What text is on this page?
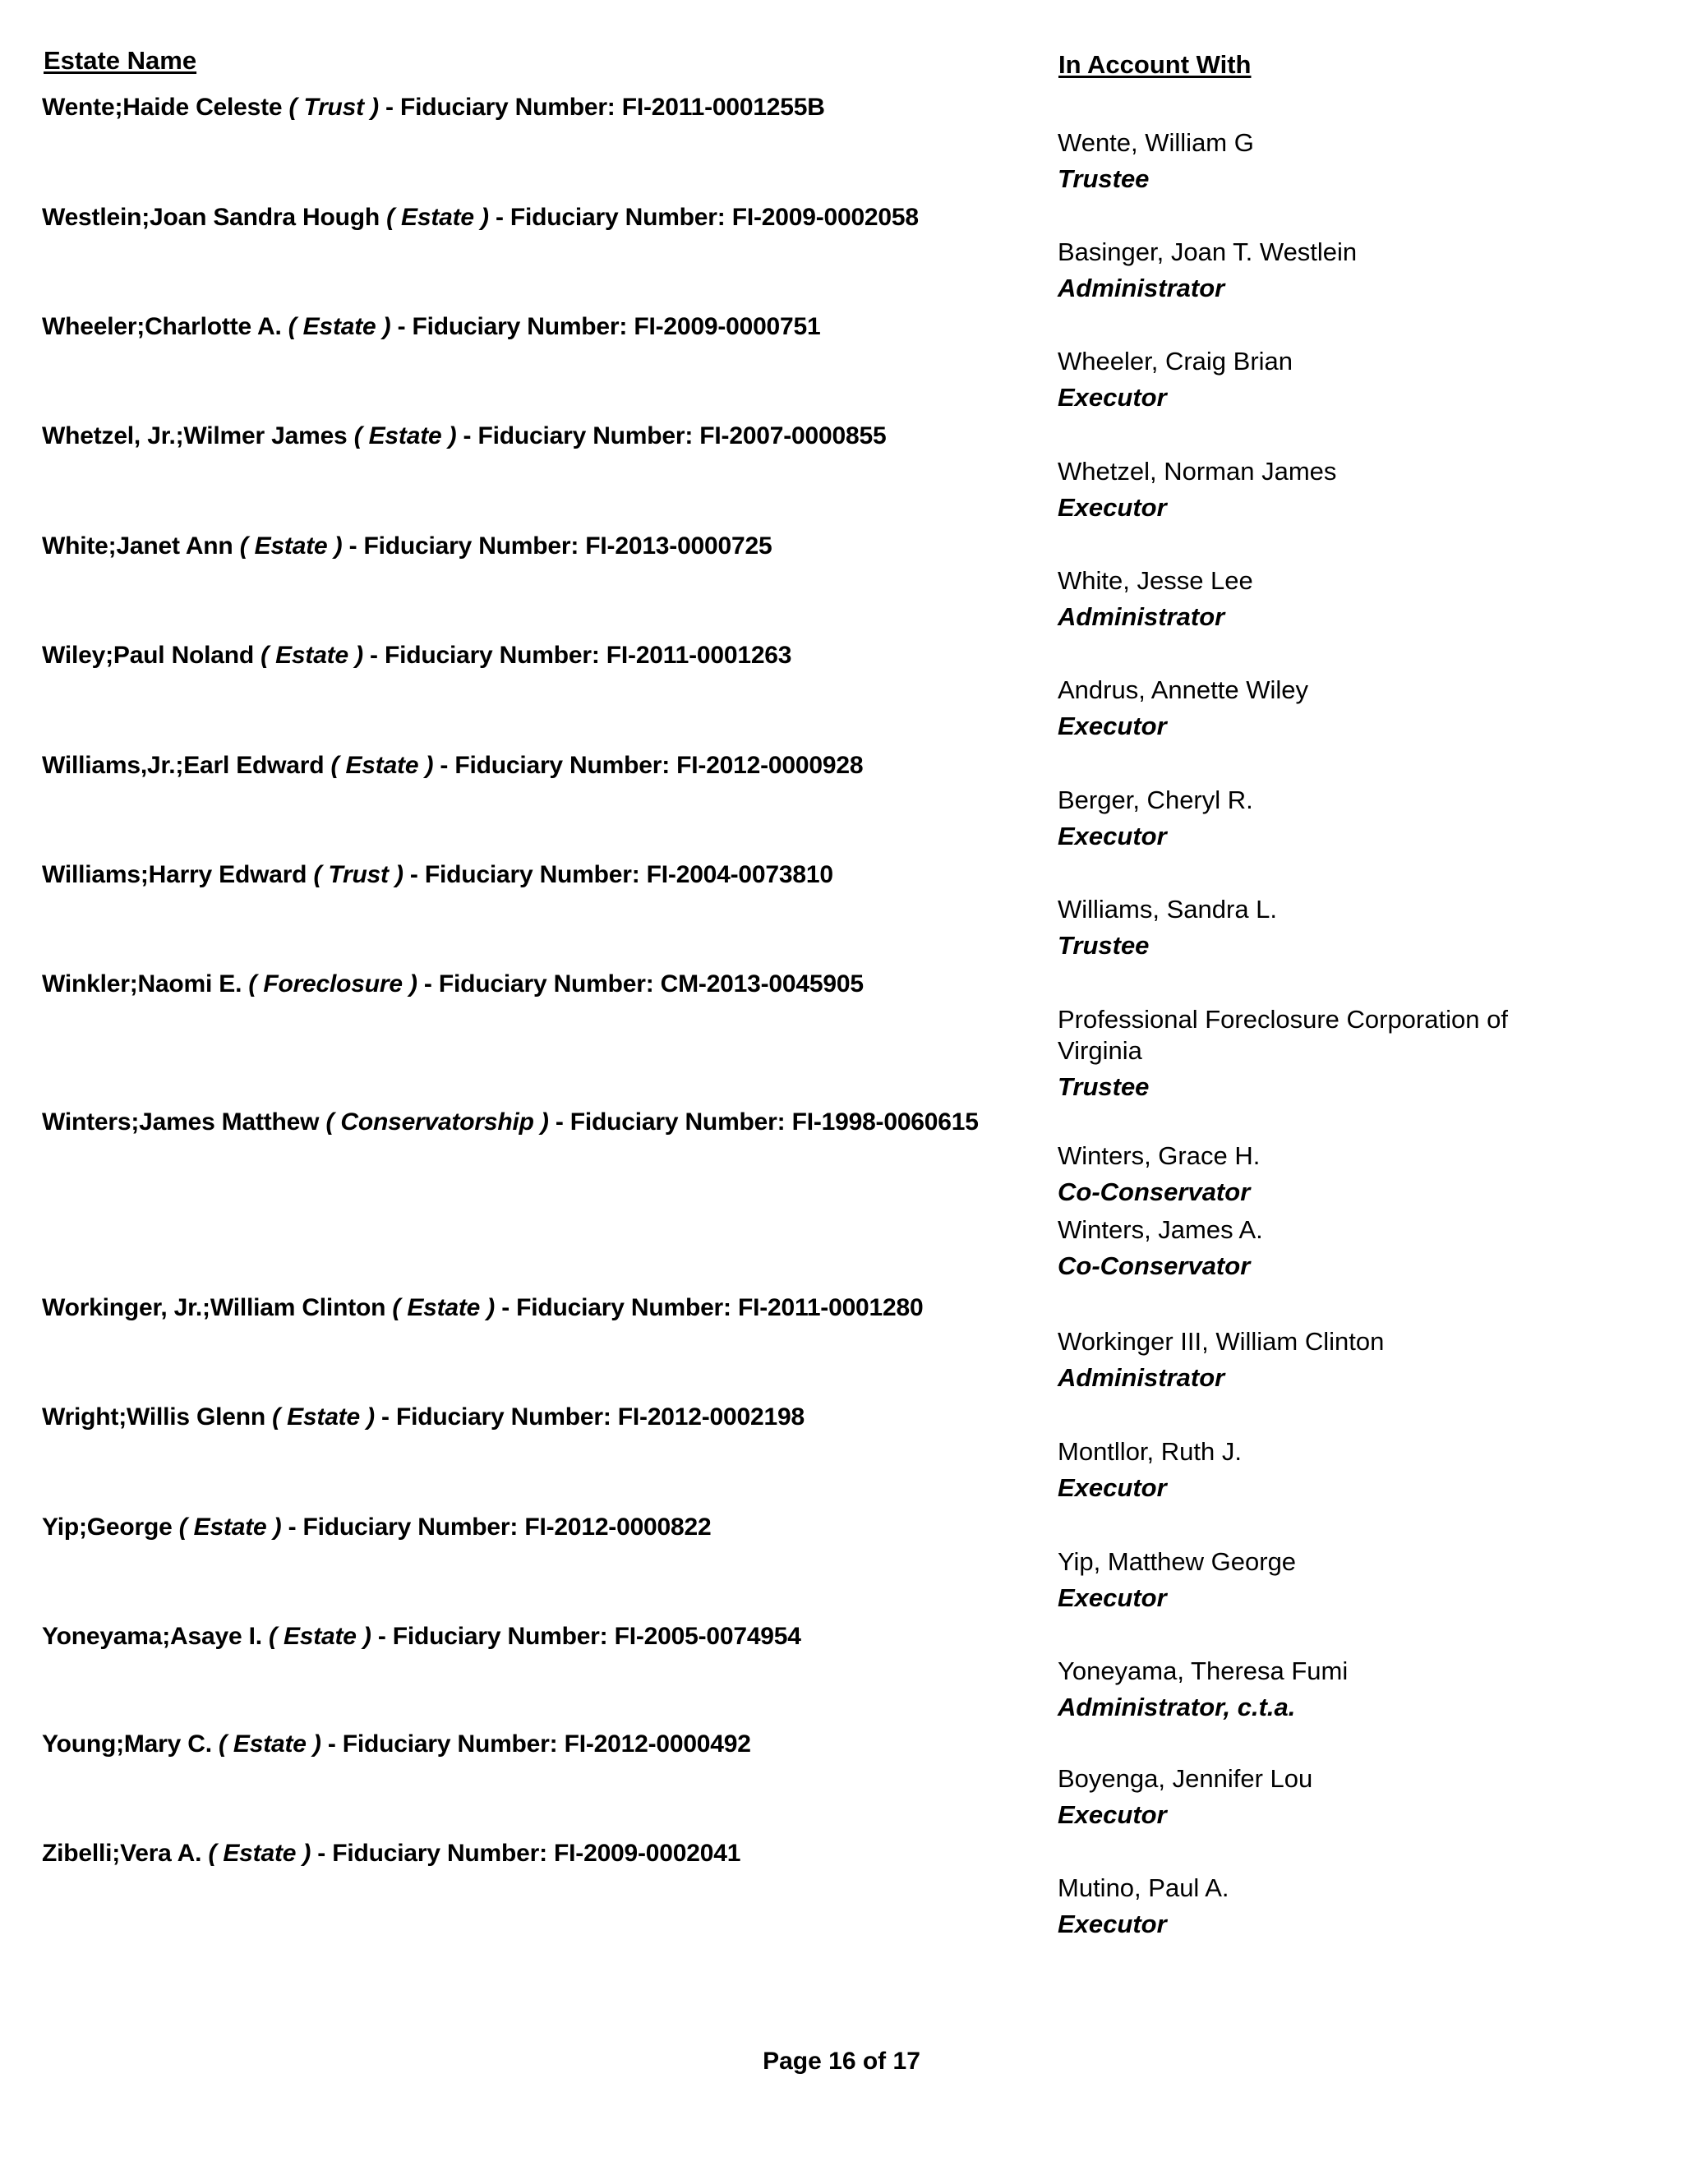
Estate Name	In Account With
Wente;Haide Celeste ( Trust ) - Fiduciary Number: FI-2011-0001255B
Wente, William G
Trustee
Westlein;Joan Sandra Hough ( Estate ) - Fiduciary Number: FI-2009-0002058
Basinger, Joan T. Westlein
Administrator
Wheeler;Charlotte A. ( Estate ) - Fiduciary Number: FI-2009-0000751
Wheeler, Craig Brian
Executor
Whetzel, Jr.;Wilmer James ( Estate ) - Fiduciary Number: FI-2007-0000855
Whetzel, Norman James
Executor
White;Janet Ann ( Estate ) - Fiduciary Number: FI-2013-0000725
White, Jesse Lee
Administrator
Wiley;Paul Noland ( Estate ) - Fiduciary Number: FI-2011-0001263
Andrus, Annette Wiley
Executor
Williams,Jr.;Earl Edward ( Estate ) - Fiduciary Number: FI-2012-0000928
Berger, Cheryl R.
Executor
Williams;Harry Edward ( Trust ) - Fiduciary Number: FI-2004-0073810
Williams, Sandra L.
Trustee
Winkler;Naomi E. ( Foreclosure ) - Fiduciary Number: CM-2013-0045905
Professional Foreclosure Corporation of Virginia
Trustee
Winters;James Matthew ( Conservatorship ) - Fiduciary Number: FI-1998-0060615
Winters, Grace H.
Co-Conservator
Winters, James A.
Co-Conservator
Workinger, Jr.;William Clinton ( Estate ) - Fiduciary Number: FI-2011-0001280
Workinger III, William Clinton
Administrator
Wright;Willis Glenn ( Estate ) - Fiduciary Number: FI-2012-0002198
Montllor, Ruth J.
Executor
Yip;George ( Estate ) - Fiduciary Number: FI-2012-0000822
Yip, Matthew George
Executor
Yoneyama;Asaye I. ( Estate ) - Fiduciary Number: FI-2005-0074954
Yoneyama, Theresa Fumi
Administrator, c.t.a.
Young;Mary C. ( Estate ) - Fiduciary Number: FI-2012-0000492
Boyenga, Jennifer Lou
Executor
Zibelli;Vera A. ( Estate ) - Fiduciary Number: FI-2009-0002041
Mutino, Paul A.
Executor
Page 16 of 17
